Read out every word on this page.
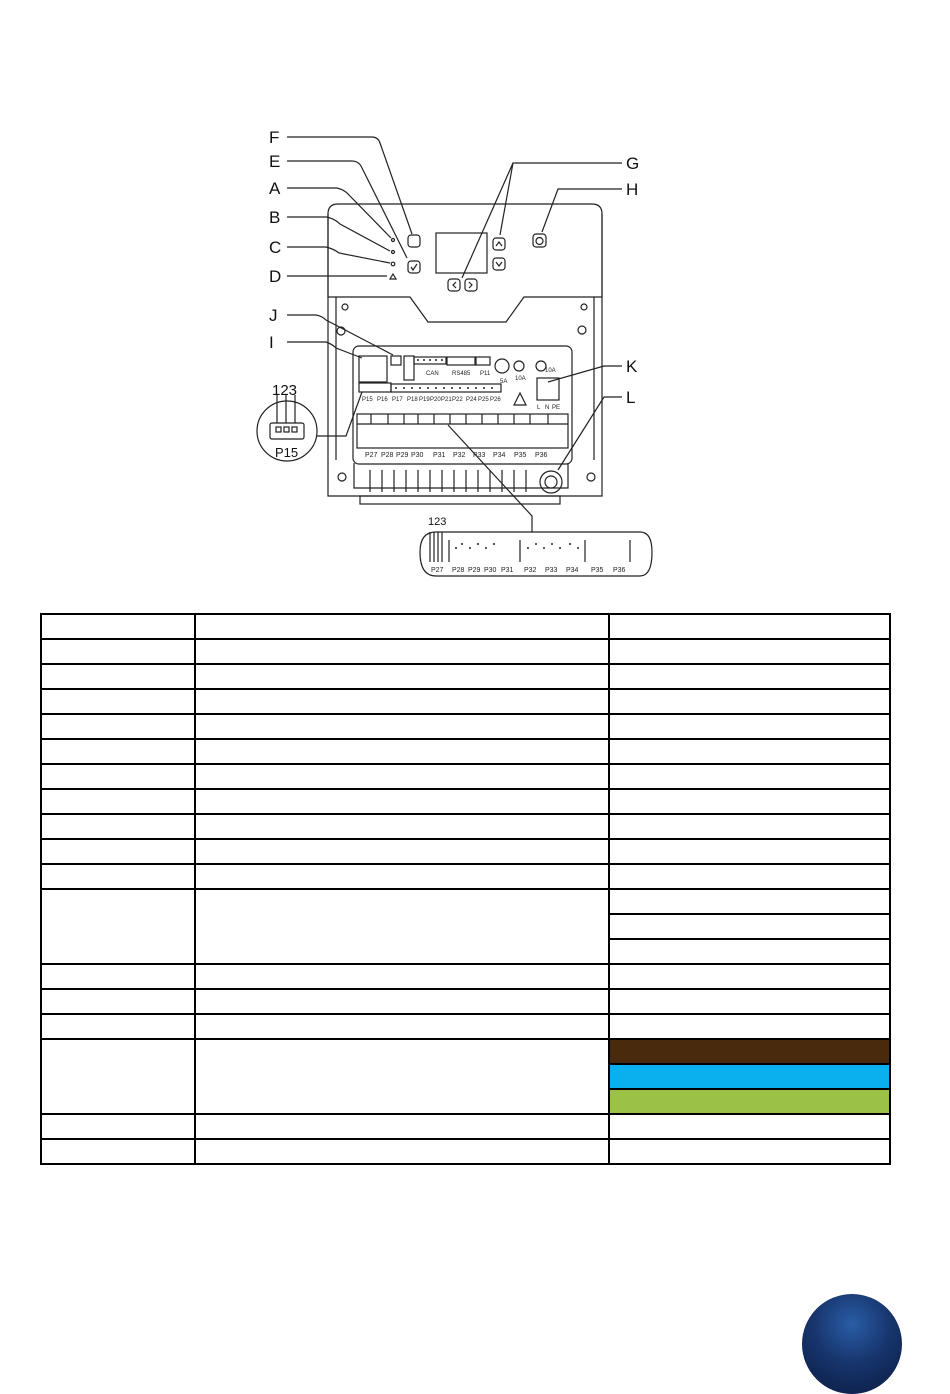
F
E
A
B
C
D
G
H
J
I
K
L
123
P15
123
P27 P28 P29 P30 P31 P32 P33 P34 P35 P36
CAN RS485 P11
5A 10A
10A
P15 P16 P17 P18 P19 P20 P21 P22 P24 P25 P26
P27 P28 P29 P30 P31 P32 P33 P34 P35 P36
L N PE
